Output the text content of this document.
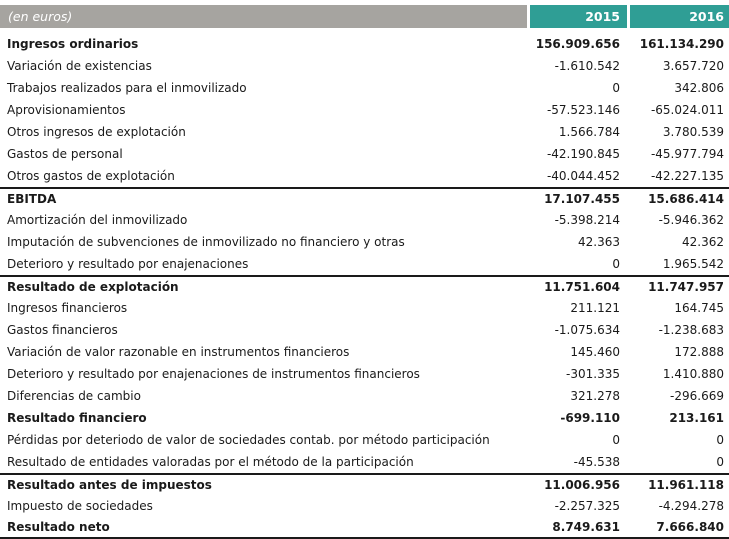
(en euros)	2015	2016
Ingresos ordinarios	156.909.656	161.134.290
Variación de existencias	-1.610.542	3.657.720
Trabajos realizados para el inmovilizado	0	342.806
Aprovisionamientos	-57.523.146	-65.024.011
Otros ingresos de explotación	1.566.784	3.780.539
Gastos de personal	-42.190.845	-45.977.794
Otros gastos de explotación	-40.044.452	-42.227.135
EBITDA	17.107.455	15.686.414
Amortización del inmovilizado	-5.398.214	-5.946.362
Imputación de subvenciones de inmovilizado no financiero y otras	42.363	42.362
Deterioro y resultado por enajenaciones	0	1.965.542
Resultado de explotación	11.751.604	11.747.957
Ingresos financieros	211.121	164.745
Gastos financieros	-1.075.634	-1.238.683
Variación de valor razonable en instrumentos financieros	145.460	172.888
Deterioro y resultado por enajenaciones de instrumentos financieros	-301.335	1.410.880
Diferencias de cambio	321.278	-296.669
Resultado financiero	-699.110	213.161
Pérdidas por deteriodo de valor de sociedades contab. por método participación	0	0
Resultado de entidades valoradas por el método de la participación	-45.538	0
Resultado antes de impuestos	11.006.956	11.961.118
Impuesto de sociedades	-2.257.325	-4.294.278
Resultado neto	8.749.631	7.666.840
